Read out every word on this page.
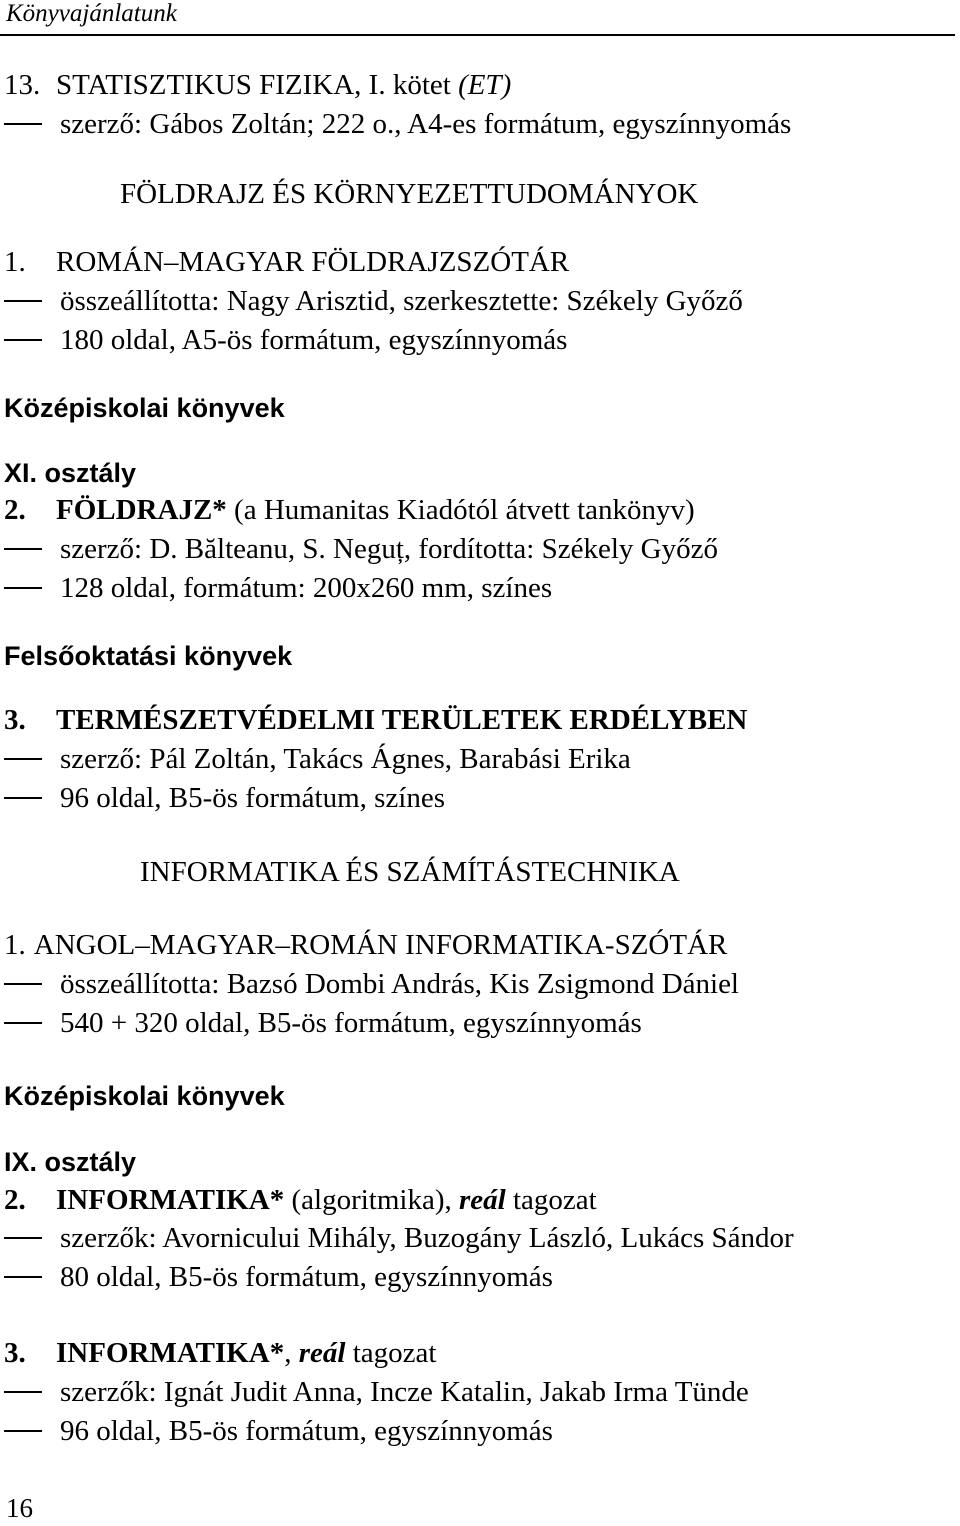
Könyvajánlatunk
13. STATISZTIKUS FIZIKA, I. kötet (ET)
szerző: Gábos Zoltán; 222 o., A4-es formátum, egyszínnyomás
FÖLDRAJZ ÉS KÖRNYEZETTUDOMÁNYOK
1. ROMÁN–MAGYAR FÖLDRAJZSZÓTÁR
összeállította: Nagy Arisztid, szerkesztette: Székely Győző
180 oldal, A5-ös formátum, egyszínnyomás
Középiskolai könyvek
XI. osztály
2. FÖLDRAJZ* (a Humanitas Kiadótól átvett tankönyv)
szerző: D. Bălteanu, S. Neguț, fordította: Székely Győző
128 oldal, formátum: 200x260 mm, színes
Felsőoktatási könyvek
3. TERMÉSZETVÉDELMI TERÜLETEK ERDÉLYBEN
szerző: Pál Zoltán, Takács Ágnes, Barabási Erika
96 oldal, B5-ös formátum, színes
INFORMATIKA ÉS SZÁMÍTÁSTECHNIKA
1. ANGOL–MAGYAR–ROMÁN INFORMATIKA-SZÓTÁR
összeállította: Bazsó Dombi András, Kis Zsigmond Dániel
540 + 320 oldal, B5-ös formátum, egyszínnyomás
Középiskolai könyvek
IX. osztály
2. INFORMATIKA* (algoritmika), reál tagozat
szerzők: Avornicului Mihály, Buzogány László, Lukács Sándor
80 oldal, B5-ös formátum, egyszínnyomás
3. INFORMATIKA*, reál tagozat
szerzők: Ignát Judit Anna, Incze Katalin, Jakab Irma Tünde
96 oldal, B5-ös formátum, egyszínnyomás
16
